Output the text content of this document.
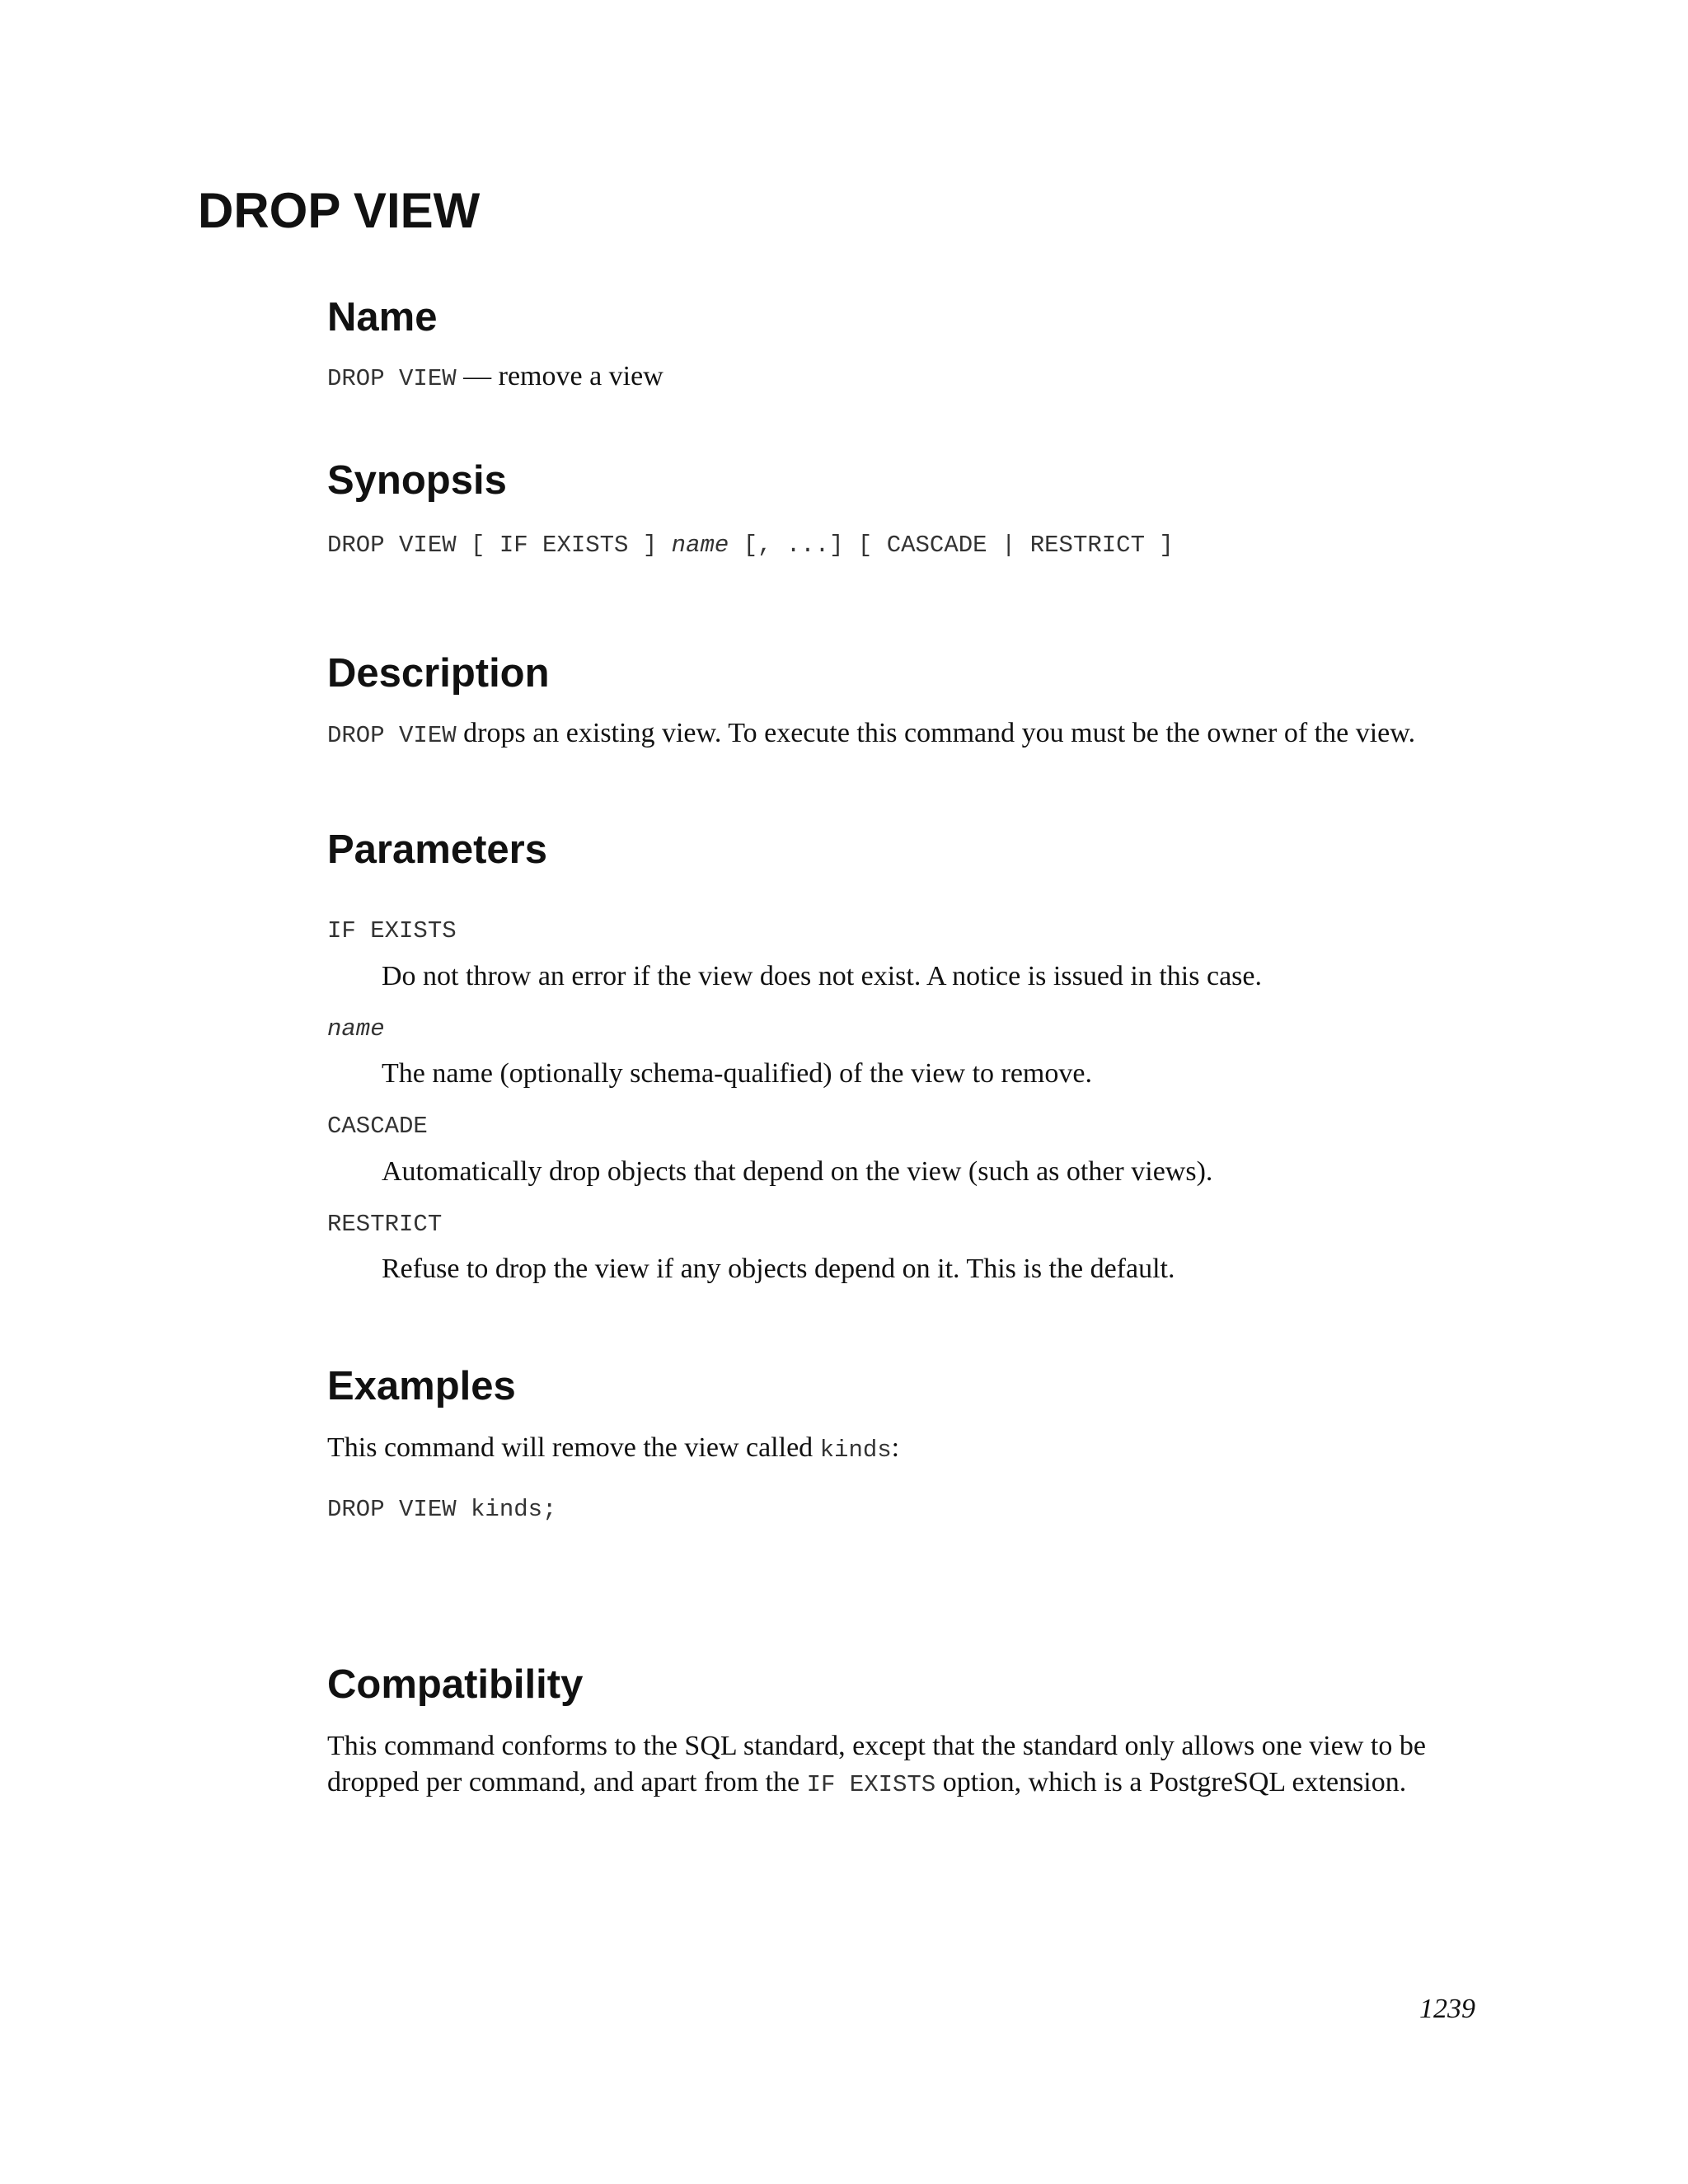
DROP VIEW
Name
DROP VIEW — remove a view
Synopsis
DROP VIEW [ IF EXISTS ] name [, ...] [ CASCADE | RESTRICT ]
Description
DROP VIEW drops an existing view. To execute this command you must be the owner of the view.
Parameters
IF EXISTS
Do not throw an error if the view does not exist. A notice is issued in this case.
name
The name (optionally schema-qualified) of the view to remove.
CASCADE
Automatically drop objects that depend on the view (such as other views).
RESTRICT
Refuse to drop the view if any objects depend on it. This is the default.
Examples
This command will remove the view called kinds:
DROP VIEW kinds;
Compatibility

This command conforms to the SQL standard, except that the standard only allows one view to be dropped per command, and apart from the IF EXISTS option, which is a PostgreSQL extension.

1239
